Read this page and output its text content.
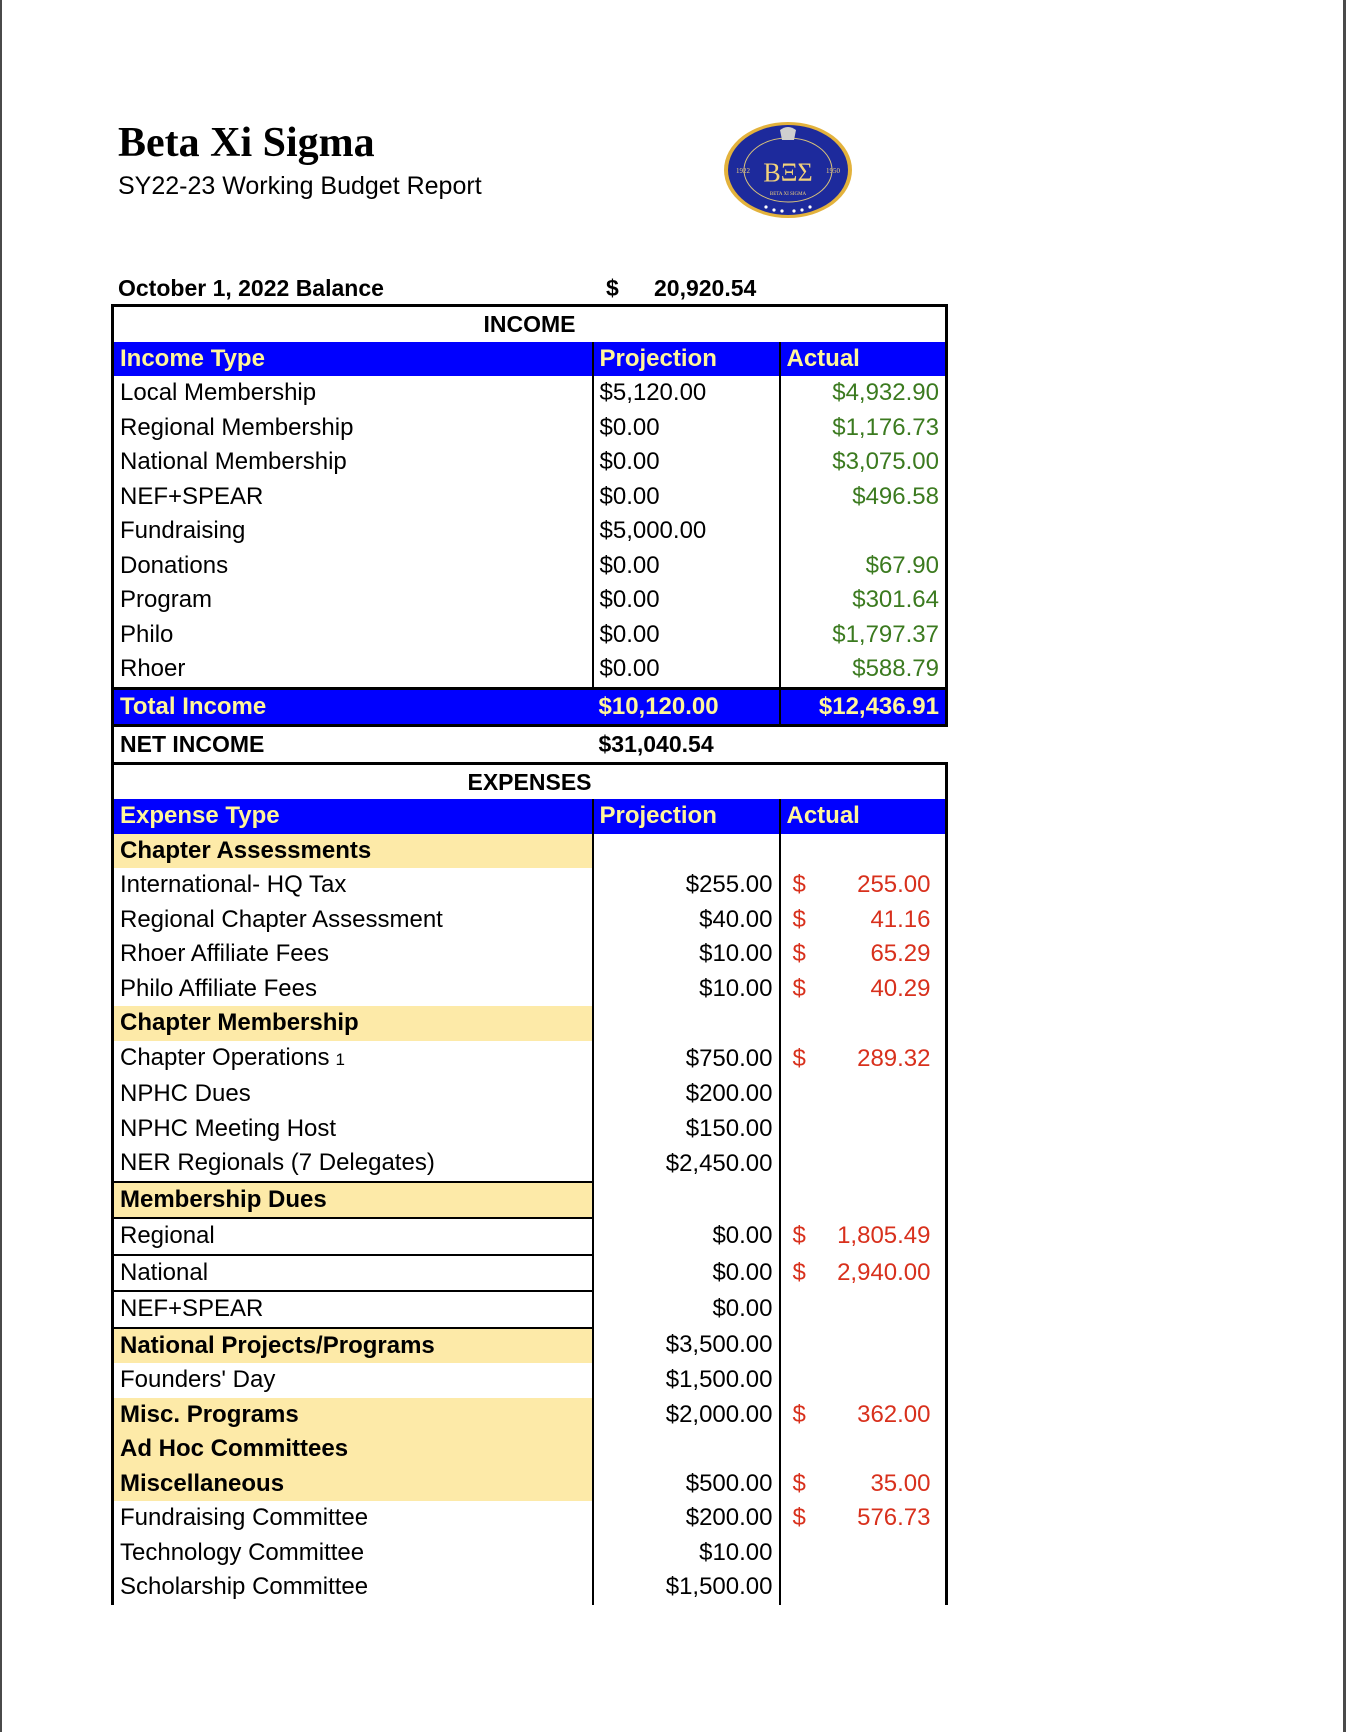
Beta Xi Sigma
SY22-23 Working Budget Report	ΒΞΣ
1922	1950
BETA XI SIGMA
October 1, 2022 Balance	$ 20,920.54
INCOME		
Income Type	Projection	Actual
Local Membership	$5,120.00	$4,932.90
Regional Membership	$0.00	$1,176.73
National Membership	$0.00	$3,075.00
NEF+SPEAR	$0.00	$496.58
Fundraising	$5,000.00	
Donations	$0.00	$67.90
Program	$0.00	$301.64
Philo	$0.00	$1,797.37
Rhoer	$0.00	$588.79
Total Income	$10,120.00	$12,436.91
NET INCOME	$31,040.54	
EXPENSES		
Expense Type	Projection	Actual
Chapter Assessments		
International- HQ Tax	$255.00	$ 255.00
Regional Chapter Assessment	$40.00	$ 41.16
Rhoer Affiliate Fees	$10.00	$ 65.29
Philo Affiliate Fees	$10.00	$ 40.29
Chapter Membership		
Chapter Operations 1	$750.00	$ 289.32
NPHC Dues	$200.00	
NPHC Meeting Host	$150.00	
NER Regionals (7 Delegates)	$2,450.00	
Membership Dues		
Regional	$0.00	$ 1,805.49
National	$0.00	$ 2,940.00
NEF+SPEAR	$0.00	
National Projects/Programs	$3,500.00	
Founders' Day	$1,500.00	
Misc. Programs	$2,000.00	$ 362.00
Ad Hoc Committees		
Miscellaneous	$500.00	$ 35.00
Fundraising Committee	$200.00	$ 576.73
Technology Committee	$10.00	
Scholarship Committee	$1,500.00	
